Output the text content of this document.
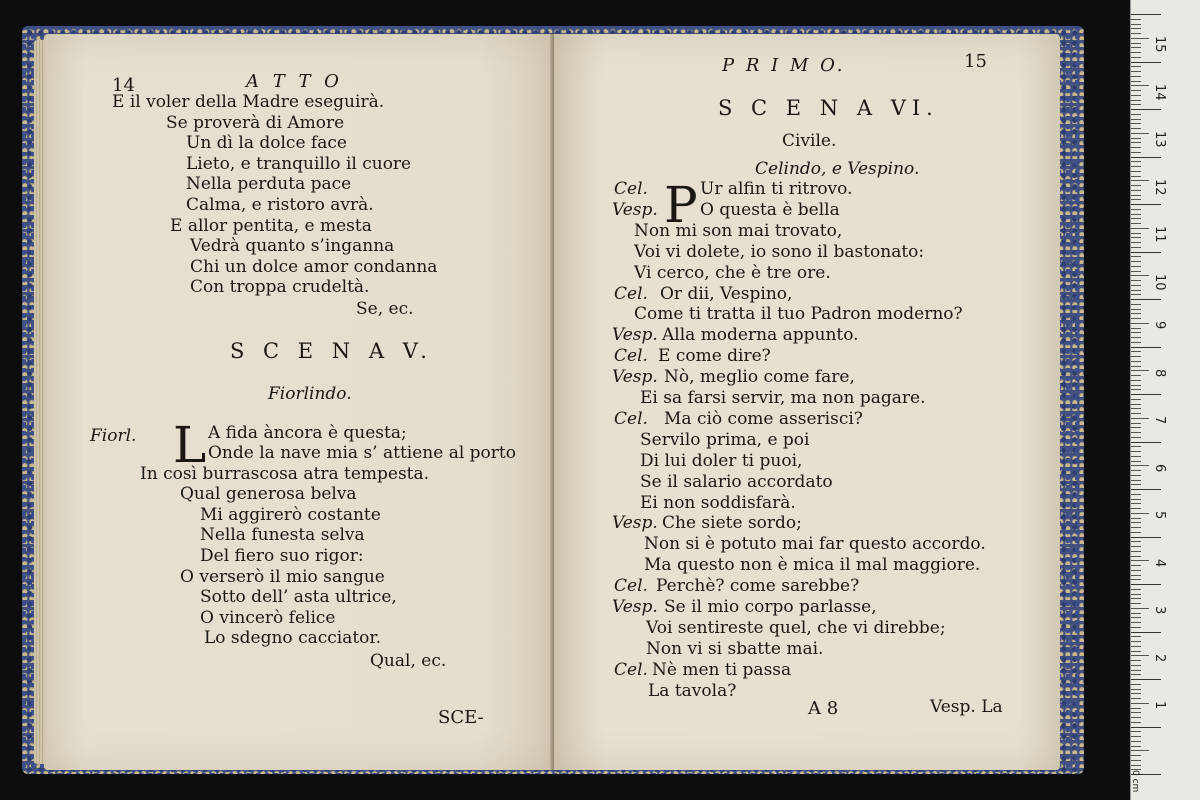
14	A T T O
E il voler della Madre eseguirà.
Se proverà di Amore
Un dì la dolce face
Lieto, e tranquillo il cuore
Nella perduta pace
Calma, e ristoro avrà.
E allor pentita, e mesta
Vedrà quanto s’inganna
Chi un dolce amor condanna
Con troppa crudeltà.
Se, ec.
S C E N A V.
Fiorlindo.
Fiorl. L A fida àncora è questa;
Onde la nave mia s’ attiene al porto
In così burrascosa atra tempesta.
Qual generosa belva
Mi aggirerò costante
Nella funesta selva
Del fiero suo rigor:
O verserò il mio sangue
Sotto dell’ asta ultrice,
O vincerò felice
Lo sdegno cacciator.
Qual, ec.
SCE-
P R I M O.	15
S C E N A VI.
Civile.
Celindo, e Vespino.
P
Cel.	Ur alfin ti ritrovo.
Vesp. O questa è bella
Non mi son mai trovato,
Voi vi dolete, io sono il bastonato:
Vi cerco, che è tre ore.
Cel. Or dii, Vespino,
Come ti tratta il tuo Padron moderno?
Vesp. Alla moderna appunto.
Cel. E come dire?
Vesp. Nò, meglio come fare,
Ei sa farsi servir, ma non pagare.
Cel. Ma ciò come asserisci?
Servilo prima, e poi
Di lui doler ti puoi,
Se il salario accordato
Ei non soddisfarà.
Vesp. Che siete sordo;
Non si è potuto mai far questo accordo.
Ma questo non è mica il mal maggiore.
Cel. Perchè? come sarebbe?
Vesp. Se il mio corpo parlasse,
Voi sentireste quel, che vi direbbe;
Non vi si sbatte mai.
Cel. Nè men ti passa
La tavola?
A 8	Vesp. La
15
14
13
12
11
10
9
8
7
6
5
4
3
2
1
0 cm
